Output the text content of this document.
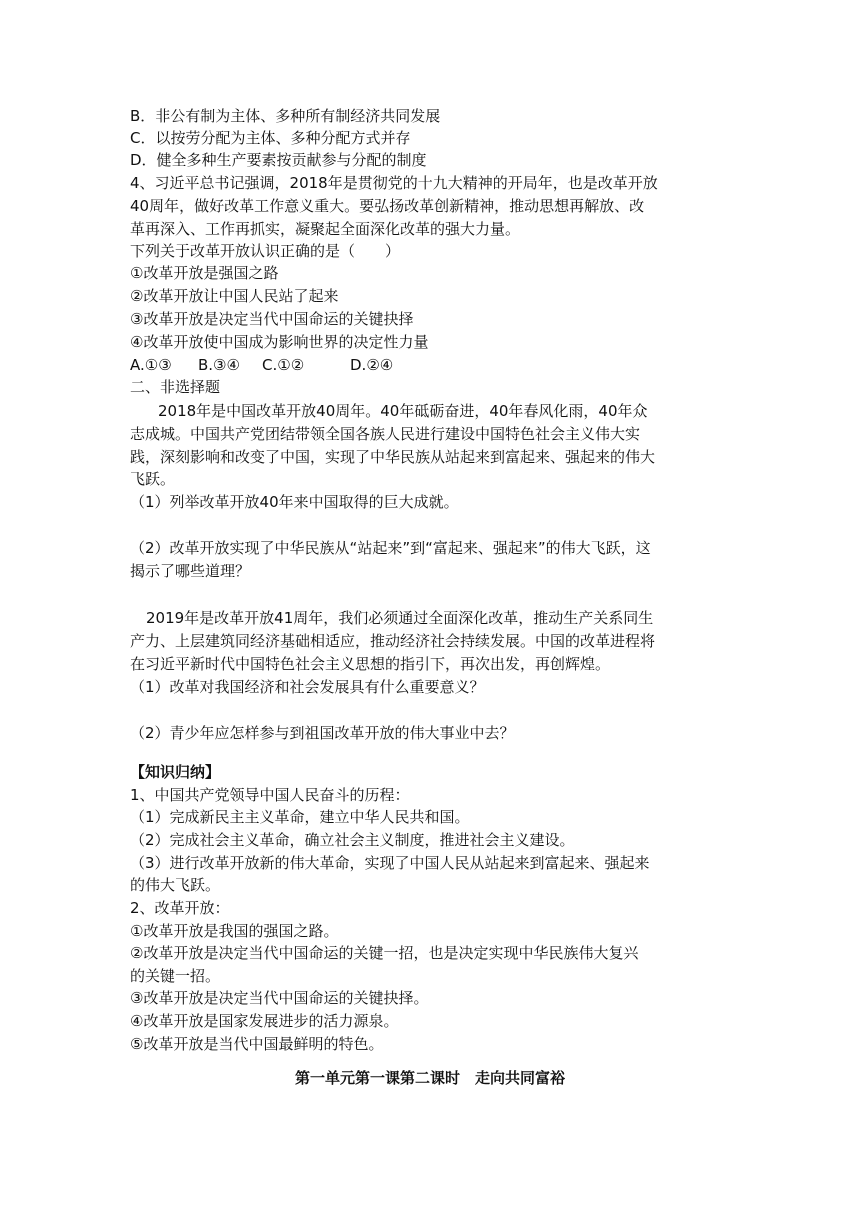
B．非公有制为主体、多种所有制经济共同发展
C．以按劳分配为主体、多种分配方式并存
D．健全多种生产要素按贡献参与分配的制度
4、习近平总书记强调，2018年是贯彻党的十九大精神的开局年，也是改革开放
40周年，做好改革工作意义重大。要弘扬改革创新精神，推动思想再解放、改
革再深入、工作再抓实，凝聚起全面深化改革的强大力量。
下列关于改革开放认识正确的是（　　）
①改革开放是强国之路
②改革开放让中国人民站了起来
③改革开放是决定当代中国命运的关键抉择
④改革开放使中国成为影响世界的决定性力量
A.①③ B.③④ C.①②	D.②④
二、非选择题
2018年是中国改革开放40周年。40年砥砺奋进，40年春风化雨，40年众
志成城。中国共产党团结带领全国各族人民进行建设中国特色社会主义伟大实
践，深刻影响和改变了中国，实现了中华民族从站起来到富起来、强起来的伟大
飞跃。
（1）列举改革开放40年来中国取得的巨大成就。
（2）改革开放实现了中华民族从“站起来”到“富起来、强起来”的伟大飞跃，这
揭示了哪些道理？
2019年是改革开放41周年，我们必须通过全面深化改革，推动生产关系同生
产力、上层建筑同经济基础相适应，推动经济社会持续发展。中国的改革进程将
在习近平新时代中国特色社会主义思想的指引下，再次出发，再创辉煌。
（1）改革对我国经济和社会发展具有什么重要意义？
（2）青少年应怎样参与到祖国改革开放的伟大事业中去？
【知识归纳】
1、中国共产党领导中国人民奋斗的历程：
（1）完成新民主主义革命，建立中华人民共和国。
（2）完成社会主义革命，确立社会主义制度，推进社会主义建设。
（3）进行改革开放新的伟大革命，实现了中国人民从站起来到富起来、强起来
的伟大飞跃。
2、改革开放：
①改革开放是我国的强国之路。
②改革开放是决定当代中国命运的关键一招，也是决定实现中华民族伟大复兴
的关键一招。
③改革开放是决定当代中国命运的关键抉择。
④改革开放是国家发展进步的活力源泉。
⑤改革开放是当代中国最鲜明的特色。
第一单元第一课第二课时　走向共同富裕
